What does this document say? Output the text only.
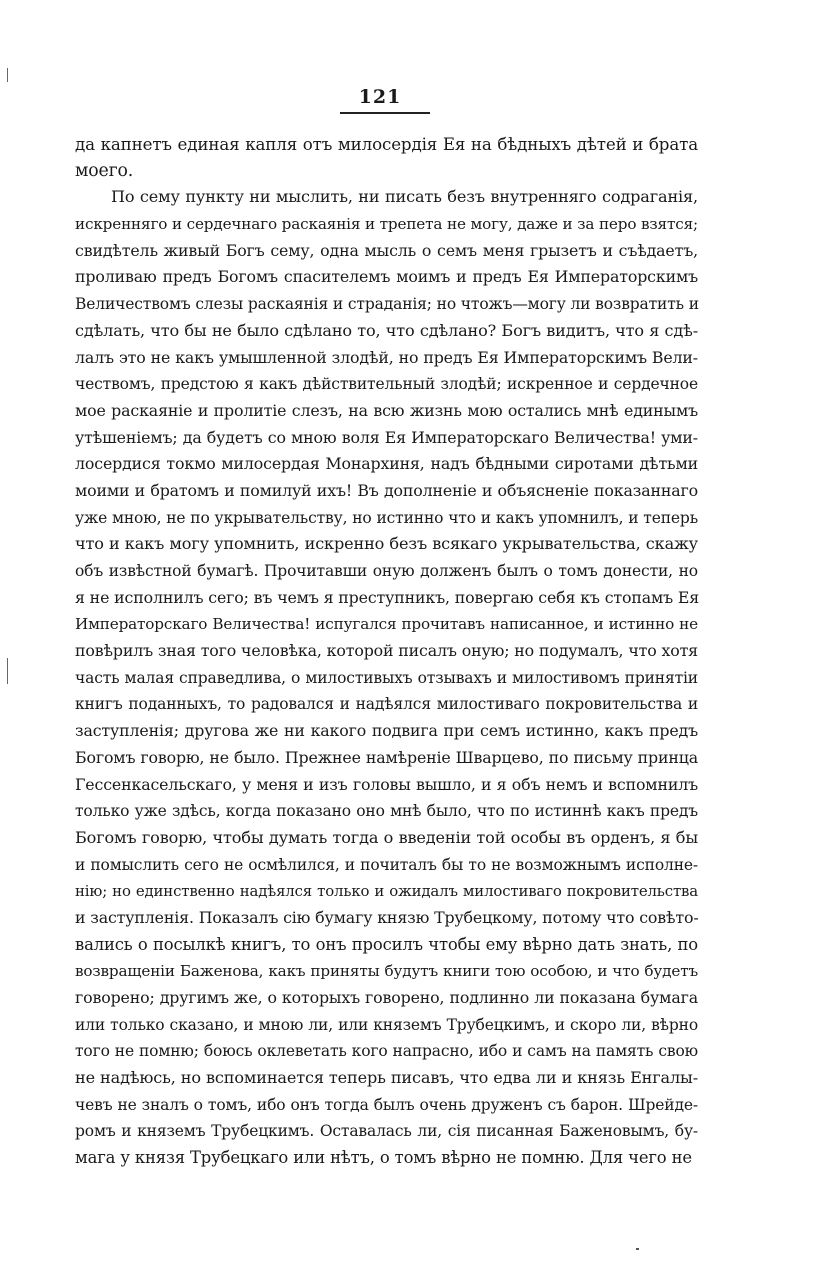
121
да капнетъ единая капля отъ милосердія Ея на бѣдныхъ дѣтей и брата
моего.
По сему пункту ни мыслить, ни писать безъ внутренняго содраганія,
искренняго и сердечнаго раскаянія и трепета не могу, даже и за перо взятся;
свидѣтель живый Богъ сему, одна мысль о семъ меня грызетъ и съѣдаетъ,
проливаю предъ Богомъ спасителемъ моимъ и предъ Ея Императорскимъ
Величествомъ слезы раскаянія и страданія; но чтожъ—могу ли возвратить и
сдѣлать, что бы не было сдѣлано то, что сдѣлано? Богъ видитъ, что я сдѣ-
лалъ это не какъ умышленной злодѣй, но предъ Ея Императорскимъ Вели-
чествомъ, предстою я какъ дѣйствительный злодѣй; искренное и сердечное
мое раскаяніе и пролитіе слезъ, на всю жизнь мою остались мнѣ единымъ
утѣшеніемъ; да будетъ со мною воля Ея Императорскаго Величества! уми-
лосердися токмо милосердая Монархиня, надъ бѣдными сиротами дѣтьми
моими и братомъ и помилуй ихъ! Въ дополненіе и объясненіе показаннаго
уже мною, не по укрывательству, но истинно что и какъ упомнилъ, и теперь
что и какъ могу упомнить, искренно безъ всякаго укрывательства, скажу
объ извѣстной бумагѣ. Прочитавши оную долженъ былъ о томъ донести, но
я не исполнилъ сего; въ чемъ я преступникъ, повергаю себя къ стопамъ Ея
Императорскаго Величества! испугался прочитавъ написанное, и истинно не
повѣрилъ зная того человѣка, которой писалъ оную; но подумалъ, что хотя
часть малая справедлива, о милостивыхъ отзывахъ и милостивомъ принятіи
книгъ поданныхъ, то радовался и надѣялся милостиваго покровительства и
заступленія; другова же ни какого подвига при семъ истинно, какъ предъ
Богомъ говорю, не было. Прежнее намѣреніе Шварцево, по письму принца
Гессенкасельскаго, у меня и изъ головы вышло, и я объ немъ и вспомнилъ
только уже здѣсь, когда показано оно мнѣ было, что по истиннѣ какъ предъ
Богомъ говорю, чтобы думать тогда о введеніи той особы въ орденъ, я бы
и помыслить сего не осмѣлился, и почиталъ бы то не возможнымъ исполне-
нію; но единственно надѣялся только и ожидалъ милостиваго покровительства
и заступленія. Показалъ сію бумагу князю Трубецкому, потому что совѣто-
вались о посылкѣ книгъ, то онъ просилъ чтобы ему вѣрно дать знать, по
возвращеніи Баженова, какъ приняты будутъ книги тою особою, и что будетъ
говорено; другимъ же, о которыхъ говорено, подлинно ли показана бумага
или только сказано, и мною ли, или княземъ Трубецкимъ, и скоро ли, вѣрно
того не помню; боюсь оклеветать кого напрасно, ибо и самъ на память свою
не надѣюсь, но вспоминается теперь писавъ, что едва ли и князь Енгалы-
чевъ не зналъ о томъ, ибо онъ тогда былъ очень друженъ съ барон. Шрейде-
ромъ и княземъ Трубецкимъ. Оставалась ли, сія писанная Баженовымъ, бу-
мага у князя Трубецкаго или нѣтъ, о томъ вѣрно не помню. Для чего не
